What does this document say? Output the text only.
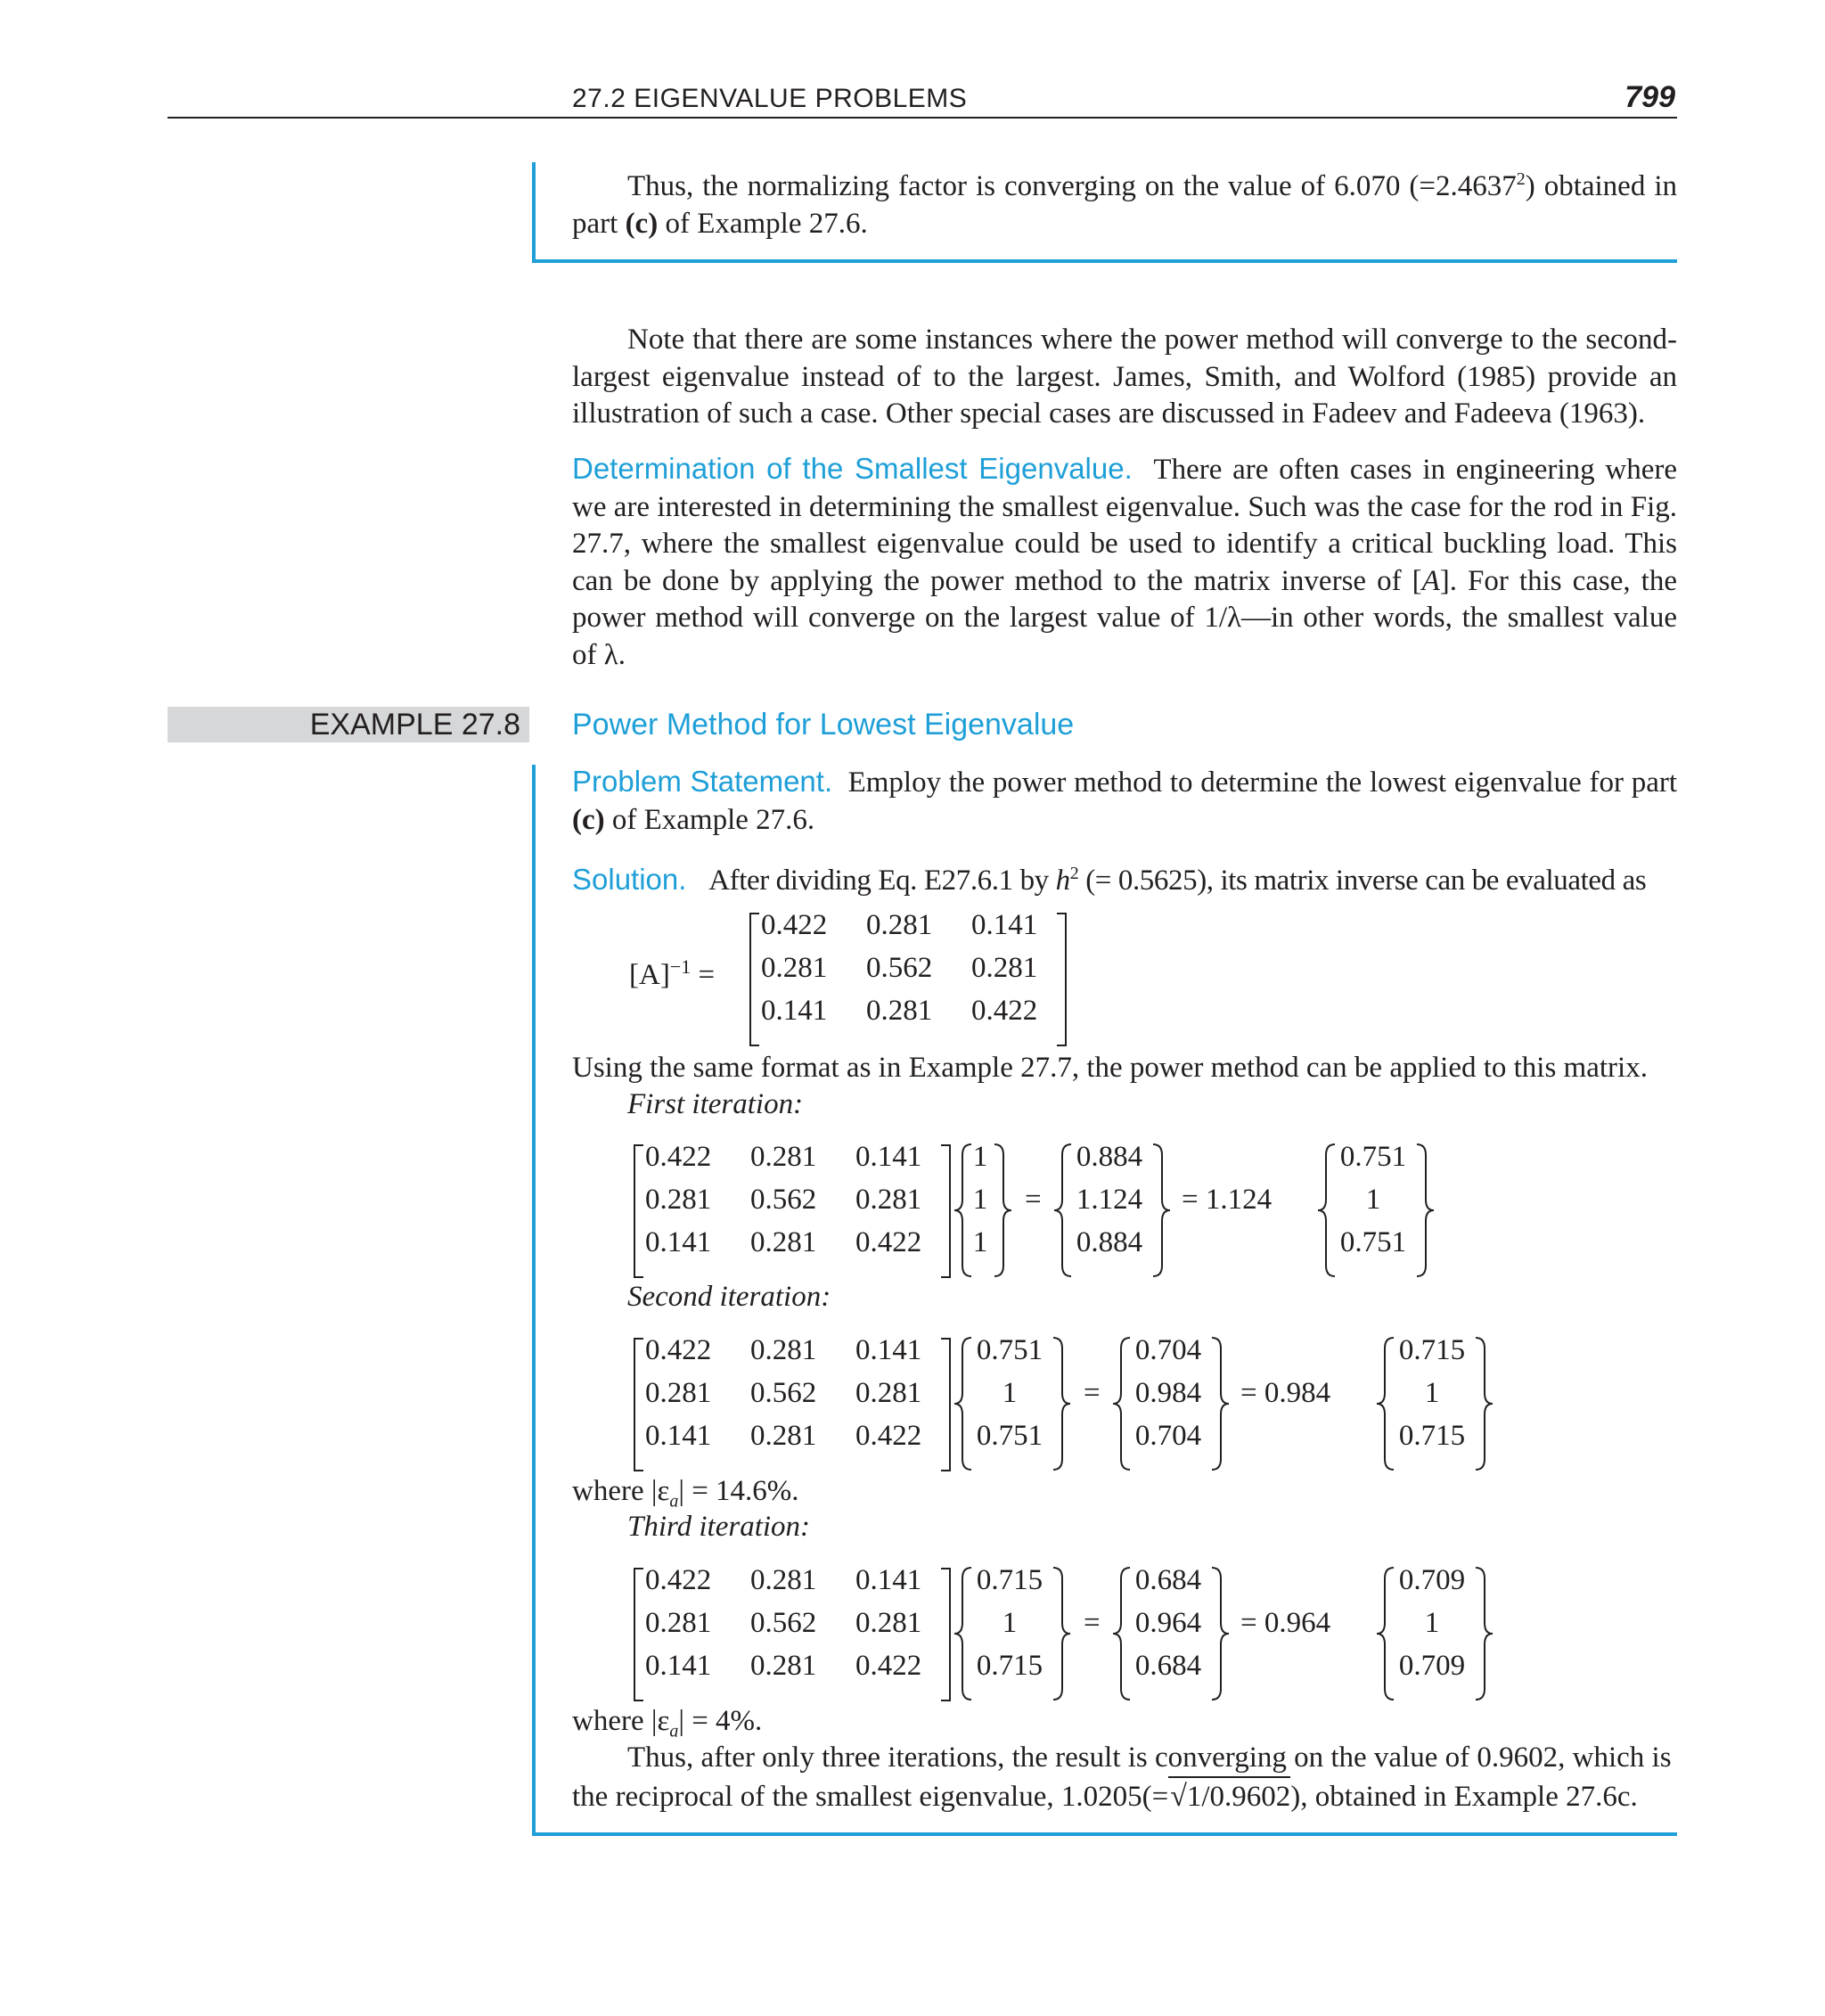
27.2 EIGENVALUE PROBLEMS	799
Thus, the normalizing factor is converging on the value of 6.070 $(=2.4637^2)$ obtained in part (c) of Example 27.6.
Note that there are some instances where the power method will converge to the second-largest eigenvalue instead of to the largest. James, Smith, and Wolford (1985) provide an illustration of such a case. Other special cases are discussed in Fadeev and Fadeeva (1963).
Determination of the Smallest Eigenvalue. There are often cases in engineering where we are interested in determining the smallest eigenvalue. Such was the case for the rod in Fig. 27.7, where the smallest eigenvalue could be used to identify a critical buckling load. This can be done by applying the power method to the matrix inverse of [A]. For this case, the power method will converge on the largest value of 1/λ—in other words, the smallest value of λ.
EXAMPLE 27.8 Power Method for Lowest Eigenvalue
Problem Statement. Employ the power method to determine the lowest eigenvalue for part (c) of Example 27.6.
Solution. After dividing Eq. E27.6.1 by $h^2$ (= 0.5625), its matrix inverse can be evaluated as
$[A]^{-1}$ =
Using the same format as in Example 27.7, the power method can be applied to this matrix.
First iteration:
Second iteration:
where $|\varepsilon_a| = 14.6\%$.
Third iteration:
where $|\varepsilon_a| = 4\%$.
Thus, after only three iterations, the result is converging on the value of 0.9602, which is
the reciprocal of the smallest eigenvalue, 1.0205(=√1/0.9602), obtained in Example 27.6c.
0.422 0.281 0.141
0.281 0.562 0.281
0.141 0.281 0.422
0.422 0.281 0.141
0.281 0.562 0.281
0.141 0.281 0.422
1
1
1
=
0.884
1.124
0.884
= 1.124
0.751
1
0.751
0.422 0.281 0.141
0.281 0.562 0.281
0.141 0.281 0.422
0.751
1
0.751
=
0.704
0.984
0.704
= 0.984
0.715
1
0.715
0.422 0.281 0.141
0.281 0.562 0.281
0.141 0.281 0.422
0.715
1
0.715
=
0.684
0.964
0.684
= 0.964
0.709
1
0.709
